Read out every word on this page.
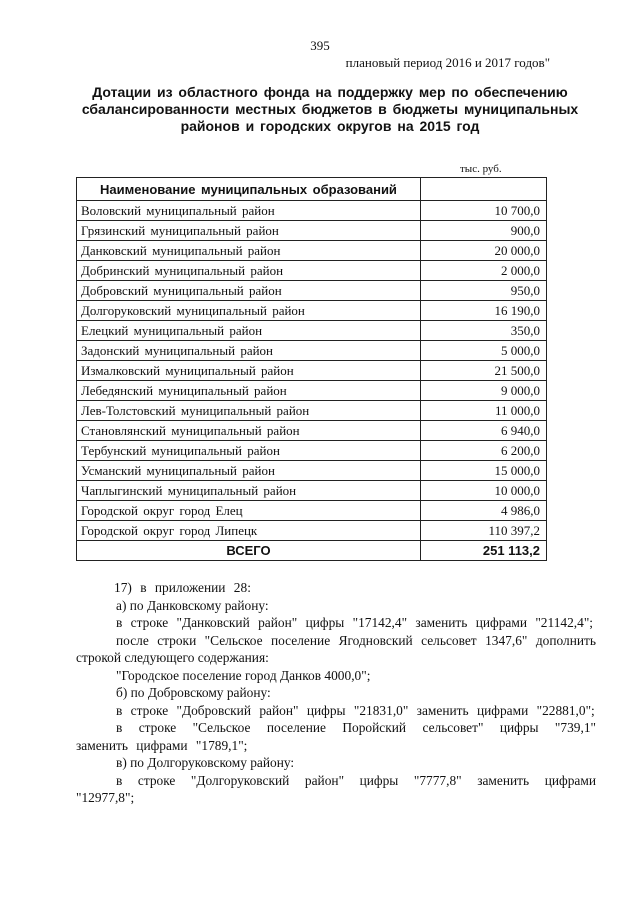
395
плановый период 2016 и 2017 годов"
Дотации из областного фонда на поддержку мер по обеспечению
сбалансированности местных бюджетов в бюджеты муниципальных
районов и городских округов на 2015 год
тыс. руб.
Наименование муниципальных образований	
Воловский муниципальный район	10 700,0
Грязинский муниципальный район	900,0
Данковский муниципальный район	20 000,0
Добринский муниципальный район	2 000,0
Добровский муниципальный район	950,0
Долгоруковский муниципальный район	16 190,0
Елецкий муниципальный район	350,0
Задонский муниципальный район	5 000,0
Измалковский муниципальный район	21 500,0
Лебедянский муниципальный район	9 000,0
Лев-Толстовский муниципальный район	11 000,0
Становлянский муниципальный район	6 940,0
Тербунский муниципальный район	6 200,0
Усманский муниципальный район	15 000,0
Чаплыгинский муниципальный район	10 000,0
Городской округ город Елец	4 986,0
Городской округ город Липецк	110 397,2
ВСЕГО	251 113,2

17) в приложении 28:

а) по Данковскому району:

в строке "Данковский район" цифры "17142,4" заменить цифрами "21142,4";

после строки "Сельское поселение Ягодновский сельсовет 1347,6" дополнить строкой следующего содержания:

"Городское поселение город Данков 4000,0";

б) по Добровскому району:

в строке "Добровский район" цифры "21831,0" заменить цифрами "22881,0";

в строке "Сельское поселение Поройский сельсовет" цифры "739,1" заменить цифрами "1789,1";

в) по Долгоруковскому району:

в строке "Долгоруковский район" цифры "7777,8" заменить цифрами "12977,8";
